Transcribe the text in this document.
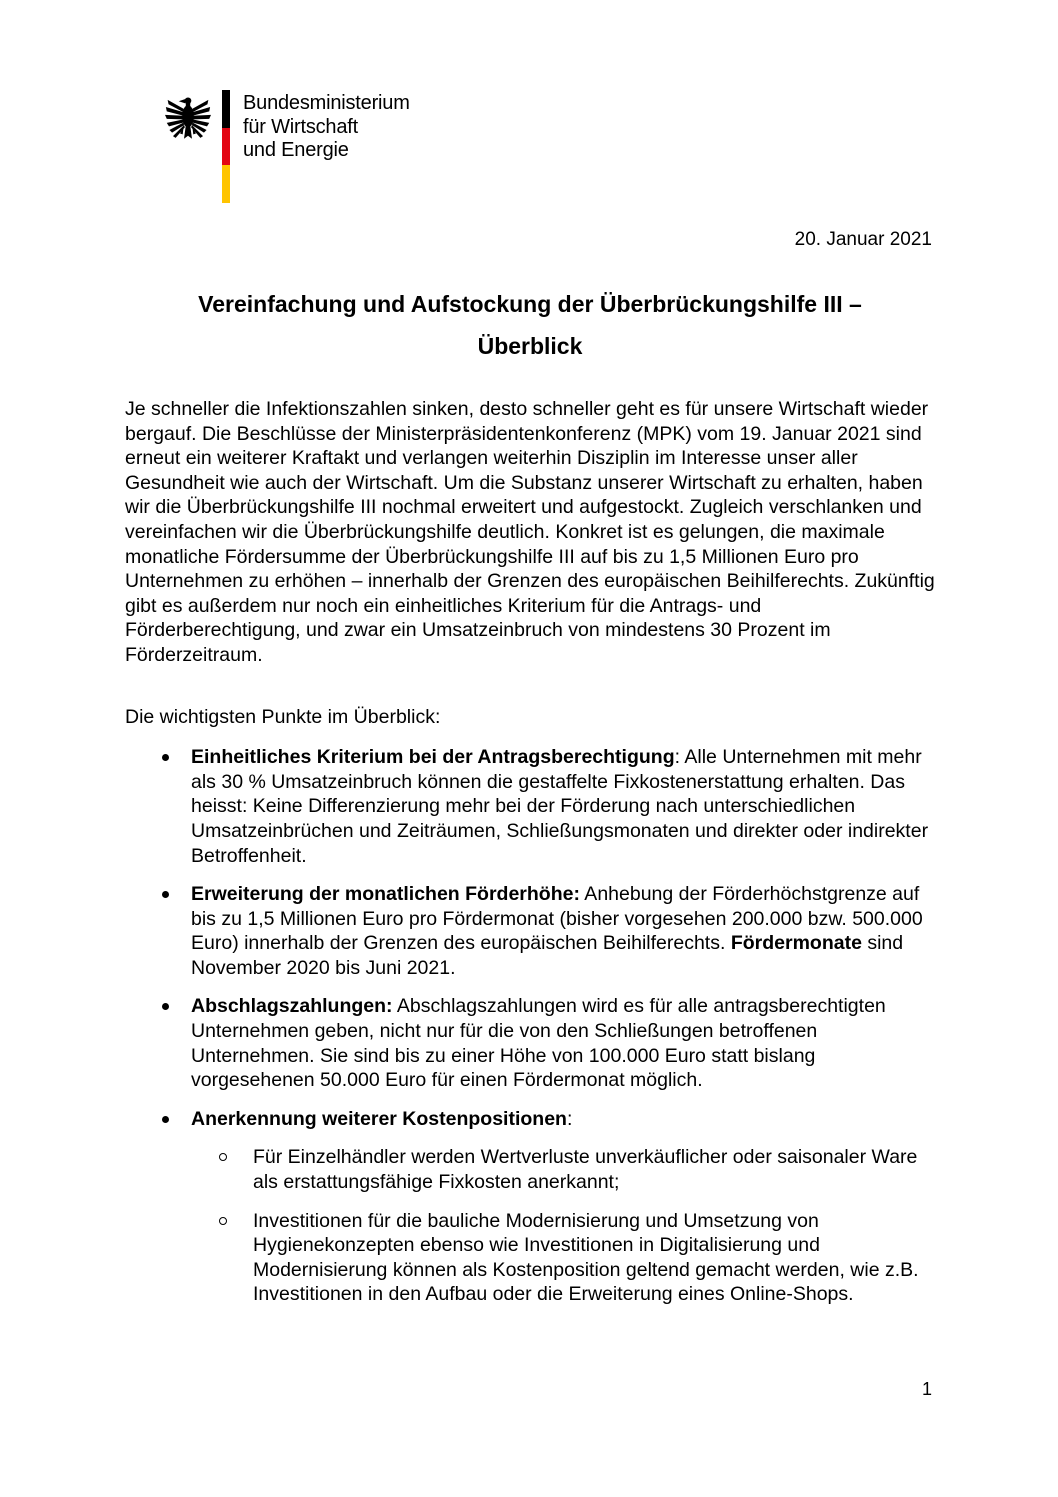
Bundesministerium
für Wirtschaft
und Energie
20. Januar 2021
Vereinfachung und Aufstockung der Überbrückungshilfe III –
Überblick

Je schneller die Infektionszahlen sinken, desto schneller geht es für unsere Wirtschaft wieder bergauf. Die Beschlüsse der Ministerpräsidentenkonferenz (MPK) vom 19. Januar 2021 sind erneut ein weiterer Kraftakt und verlangen weiterhin Disziplin im Interesse unser aller Gesundheit wie auch der Wirtschaft. Um die Substanz unserer Wirtschaft zu erhalten, haben wir die Überbrückungshilfe III nochmal erweitert und aufgestockt. Zugleich verschlanken und vereinfachen wir die Überbrückungshilfe deutlich. Konkret ist es gelungen, die maximale monatliche Fördersumme der Überbrückungshilfe III auf bis zu 1,5 Millionen Euro pro Unternehmen zu erhöhen – innerhalb der Grenzen des europäischen Beihilferechts. Zukünftig gibt es außerdem nur noch ein einheitliches Kriterium für die Antrags- und Förderberechtigung, und zwar ein Umsatzeinbruch von mindestens 30 Prozent im Förderzeitraum.

Die wichtigsten Punkte im Überblick:

Einheitliches Kriterium bei der Antragsberechtigung: Alle Unternehmen mit mehr als 30 % Umsatzeinbruch können die gestaffelte Fixkostenerstattung erhalten. Das heisst: Keine Differenzierung mehr bei der Förderung nach unterschiedlichen Umsatzeinbrüchen und Zeiträumen, Schließungsmonaten und direkter oder indirekter Betroffenheit.
Erweiterung der monatlichen Förderhöhe: Anhebung der Förderhöchstgrenze auf bis zu 1,5 Millionen Euro pro Fördermonat (bisher vorgesehen 200.000 bzw. 500.000 Euro) innerhalb der Grenzen des europäischen Beihilferechts. Fördermonate sind November 2020 bis Juni 2021.
Abschlagszahlungen: Abschlagszahlungen wird es für alle antragsberechtigten Unternehmen geben, nicht nur für die von den Schließungen betroffenen Unternehmen. Sie sind bis zu einer Höhe von 100.000 Euro statt bislang vorgesehenen 50.000 Euro für einen Fördermonat möglich.
Anerkennung weiterer Kostenpositionen:
Für Einzelhändler werden Wertverluste unverkäuflicher oder saisonaler Ware als erstattungsfähige Fixkosten anerkannt;
Investitionen für die bauliche Modernisierung und Umsetzung von Hygienekonzepten ebenso wie Investitionen in Digitalisierung und Modernisierung können als Kostenposition geltend gemacht werden, wie z.B. Investitionen in den Aufbau oder die Erweiterung eines Online-Shops.
1
